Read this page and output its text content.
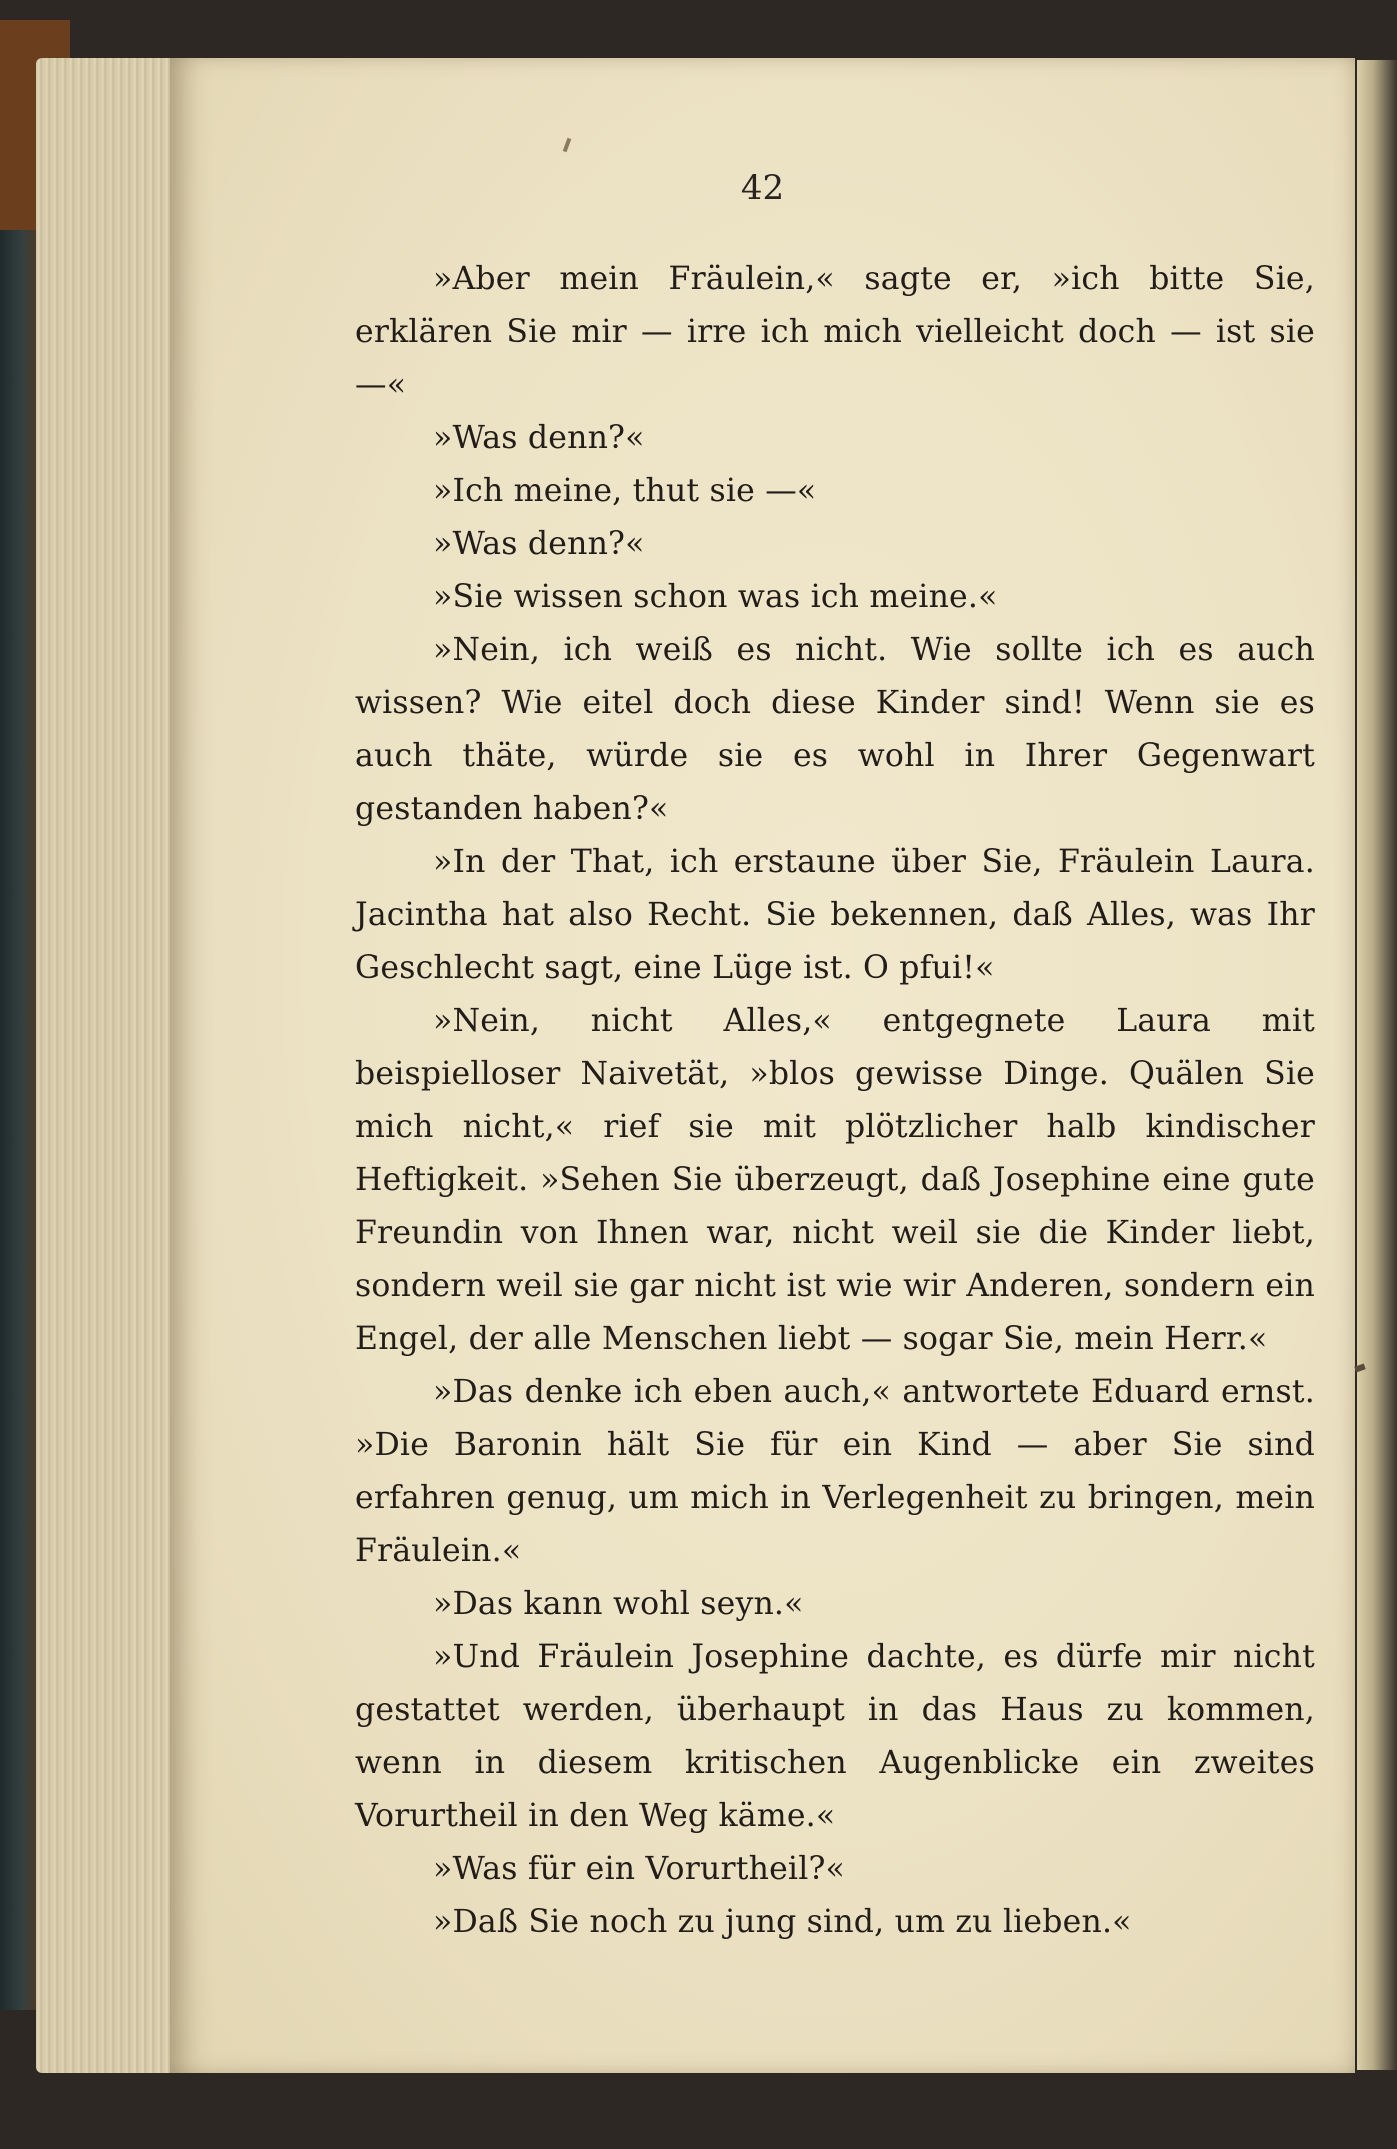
42

»Aber mein Fräulein,« sagte er, »ich bitte Sie, erklären Sie mir — irre ich mich vielleicht doch — ist sie —«

»Was denn?«

»Ich meine, thut sie —«

»Was denn?«

»Sie wissen schon was ich meine.«

»Nein, ich weiß es nicht. Wie sollte ich es auch wissen? Wie eitel doch diese Kinder sind! Wenn sie es auch thäte, würde sie es wohl in Ihrer Gegenwart gestanden haben?«

»In der That, ich erstaune über Sie, Fräulein Laura. Jacintha hat also Recht. Sie bekennen, daß Alles, was Ihr Geschlecht sagt, eine Lüge ist. O pfui!«

»Nein, nicht Alles,« entgegnete Laura mit beispielloser Naivetät, »blos gewisse Dinge. Quälen Sie mich nicht,« rief sie mit plötzlicher halb kindischer Heftigkeit. »Sehen Sie überzeugt, daß Josephine eine gute Freundin von Ihnen war, nicht weil sie die Kinder liebt, sondern weil sie gar nicht ist wie wir Anderen, sondern ein Engel, der alle Menschen liebt — sogar Sie, mein Herr.«

»Das denke ich eben auch,« antwortete Eduard ernst. »Die Baronin hält Sie für ein Kind — aber Sie sind erfahren genug, um mich in Verlegenheit zu bringen, mein Fräulein.«

»Das kann wohl seyn.«

»Und Fräulein Josephine dachte, es dürfe mir nicht gestattet werden, überhaupt in das Haus zu kommen, wenn in diesem kritischen Augenblicke ein zweites Vorurtheil in den Weg käme.«

»Was für ein Vorurtheil?«

»Daß Sie noch zu jung sind, um zu lieben.«
